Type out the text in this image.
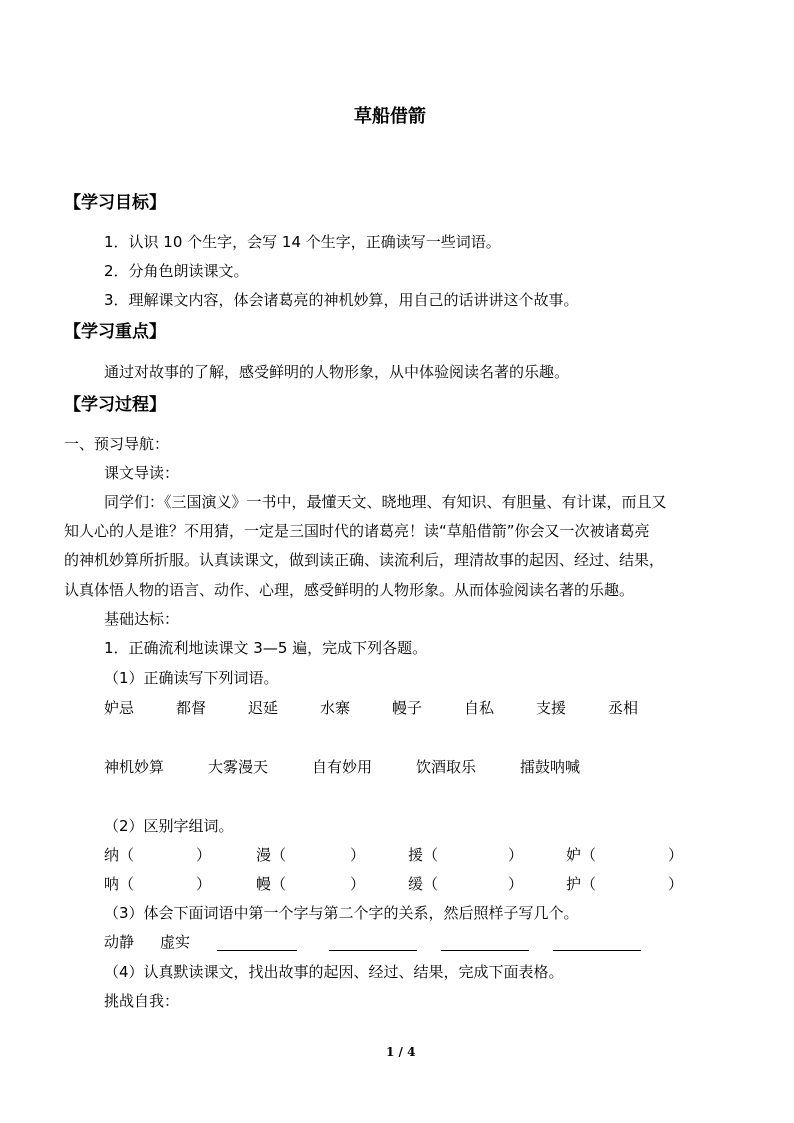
草船借箭
【学习目标】
1．认识 10 个生字，会写 14 个生字，正确读写一些词语。
2．分角色朗读课文。
3．理解课文内容，体会诸葛亮的神机妙算，用自己的话讲讲这个故事。
【学习重点】
通过对故事的了解，感受鲜明的人物形象，从中体验阅读名著的乐趣。
【学习过程】
一、预习导航：
课文导读：
同学们：《三国演义》一书中，最懂天文、晓地理、有知识、有胆量、有计谋，而且又
知人心的人是谁？不用猜，一定是三国时代的诸葛亮！读“草船借箭”你会又一次被诸葛亮
的神机妙算所折服。认真读课文，做到读正确、读流利后，理清故事的起因、经过、结果，
认真体悟人物的语言、动作、心理，感受鲜明的人物形象。从而体验阅读名著的乐趣。
基础达标：
1．正确流利地读课文 3—5 遍，完成下列各题。
（1）正确读写下列词语。
妒忌	都督	迟延	水寨	幔子	自私	支援	丞相
神机妙算	大雾漫天	自有妙用	饮酒取乐	擂鼓呐喊
（2）区别字组词。
纳（	）	漫（	）	援（	）	妒（	）
呐（	）	幔（	）	缓（	）	护（	）
（3）体会下面词语中第一个字与第二个字的关系，然后照样子写几个。
动静 虚实
（4）认真默读课文，找出故事的起因、经过、结果，完成下面表格。
挑战自我：
1 / 4
